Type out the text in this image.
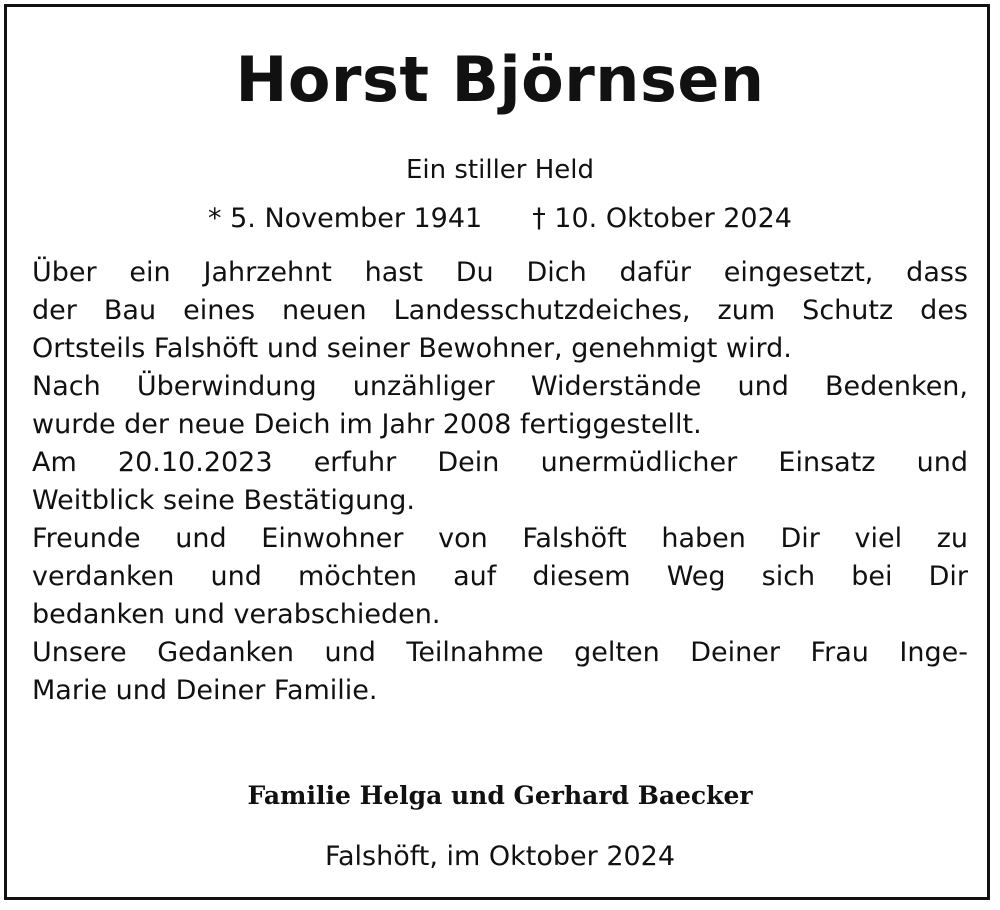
Horst Björnsen
Ein stiller Held
* 5. November 1941 † 10. Oktober 2024
Über ein Jahrzehnt hast Du Dich dafür eingesetzt, dass
der Bau eines neuen Landesschutzdeiches, zum Schutz des
Ortsteils Falshöft und seiner Bewohner, genehmigt wird.
Nach Überwindung unzähliger Widerstände und Bedenken,
wurde der neue Deich im Jahr 2008 fertiggestellt.
Am 20.10.2023 erfuhr Dein unermüdlicher Einsatz und
Weitblick seine Bestätigung.
Freunde und Einwohner von Falshöft haben Dir viel zu
verdanken und möchten auf diesem Weg sich bei Dir
bedanken und verabschieden.
Unsere Gedanken und Teilnahme gelten Deiner Frau Inge-
Marie und Deiner Familie.
Familie Helga und Gerhard Baecker
Falshöft, im Oktober 2024
